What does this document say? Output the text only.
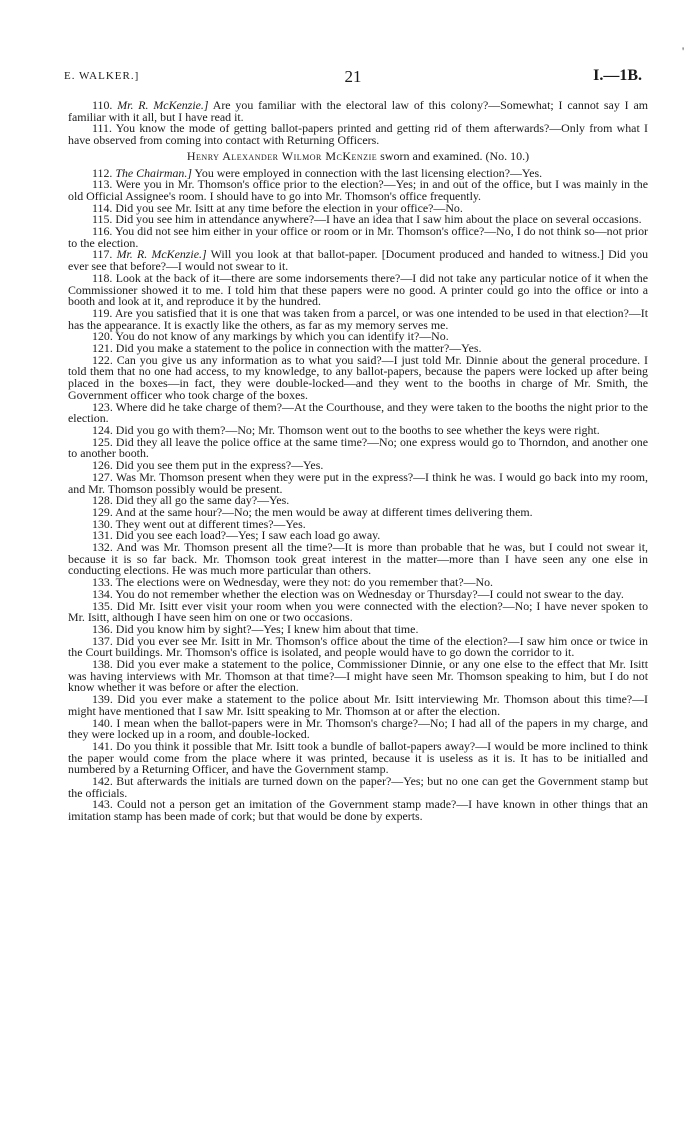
'
E. WALKER.]	21	I.—1B.

110. Mr. R. McKenzie.] Are you familiar with the electoral law of this colony?—Somewhat; I cannot say I am familiar with it all, but I have read it.

111. You know the mode of getting ballot-papers printed and getting rid of them afterwards?—Only from what I have observed from coming into contact with Returning Officers.

Henry Alexander Wilmor McKenzie sworn and examined. (No. 10.)

112. The Chairman.] You were employed in connection with the last licensing election?—Yes.

113. Were you in Mr. Thomson's office prior to the election?—Yes; in and out of the office, but I was mainly in the old Official Assignee's room. I should have to go into Mr. Thomson's office frequently.

114. Did you see Mr. Isitt at any time before the election in your office?—No.

115. Did you see him in attendance anywhere?—I have an idea that I saw him about the place on several occasions.

116. You did not see him either in your office or room or in Mr. Thomson's office?—No, I do not think so—not prior to the election.

117. Mr. R. McKenzie.] Will you look at that ballot-paper. [Document produced and handed to witness.] Did you ever see that before?—I would not swear to it.

118. Look at the back of it—there are some indorsements there?—I did not take any particular notice of it when the Commissioner showed it to me. I told him that these papers were no good. A printer could go into the office or into a booth and look at it, and reproduce it by the hundred.

119. Are you satisfied that it is one that was taken from a parcel, or was one intended to be used in that election?—It has the appearance. It is exactly like the others, as far as my memory serves me.

120. You do not know of any markings by which you can identify it?—No.

121. Did you make a statement to the police in connection with the matter?—Yes.

122. Can you give us any information as to what you said?—I just told Mr. Dinnie about the general procedure. I told them that no one had access, to my knowledge, to any ballot-papers, because the papers were locked up after being placed in the boxes—in fact, they were double-locked—and they went to the booths in charge of Mr. Smith, the Government officer who took charge of the boxes.

123. Where did he take charge of them?—At the Courthouse, and they were taken to the booths the night prior to the election.

124. Did you go with them?—No; Mr. Thomson went out to the booths to see whether the keys were right.

125. Did they all leave the police office at the same time?—No; one express would go to Thorndon, and another one to another booth.

126. Did you see them put in the express?—Yes.

127. Was Mr. Thomson present when they were put in the express?—I think he was. I would go back into my room, and Mr. Thomson possibly would be present.

128. Did they all go the same day?—Yes.

129. And at the same hour?—No; the men would be away at different times delivering them.

130. They went out at different times?—Yes.

131. Did you see each load?—Yes; I saw each load go away.

132. And was Mr. Thomson present all the time?—It is more than probable that he was, but I could not swear it, because it is so far back. Mr. Thomson took great interest in the matter—more than I have seen any one else in conducting elections. He was much more particular than others.

133. The elections were on Wednesday, were they not: do you remember that?—No.

134. You do not remember whether the election was on Wednesday or Thursday?—I could not swear to the day.

135. Did Mr. Isitt ever visit your room when you were connected with the election?—No; I have never spoken to Mr. Isitt, although I have seen him on one or two occasions.

136. Did you know him by sight?—Yes; I knew him about that time.

137. Did you ever see Mr. Isitt in Mr. Thomson's office about the time of the election?—I saw him once or twice in the Court buildings. Mr. Thomson's office is isolated, and people would have to go down the corridor to it.

138. Did you ever make a statement to the police, Commissioner Dinnie, or any one else to the effect that Mr. Isitt was having interviews with Mr. Thomson at that time?—I might have seen Mr. Thomson speaking to him, but I do not know whether it was before or after the election.

139. Did you ever make a statement to the police about Mr. Isitt interviewing Mr. Thomson about this time?—I might have mentioned that I saw Mr. Isitt speaking to Mr. Thomson at or after the election.

140. I mean when the ballot-papers were in Mr. Thomson's charge?—No; I had all of the papers in my charge, and they were locked up in a room, and double-locked.

141. Do you think it possible that Mr. Isitt took a bundle of ballot-papers away?—I would be more inclined to think the paper would come from the place where it was printed, because it is useless as it is. It has to be initialled and numbered by a Returning Officer, and have the Government stamp.

142. But afterwards the initials are turned down on the paper?—Yes; but no one can get the Government stamp but the officials.

143. Could not a person get an imitation of the Government stamp made?—I have known in other things that an imitation stamp has been made of cork; but that would be done by experts.
